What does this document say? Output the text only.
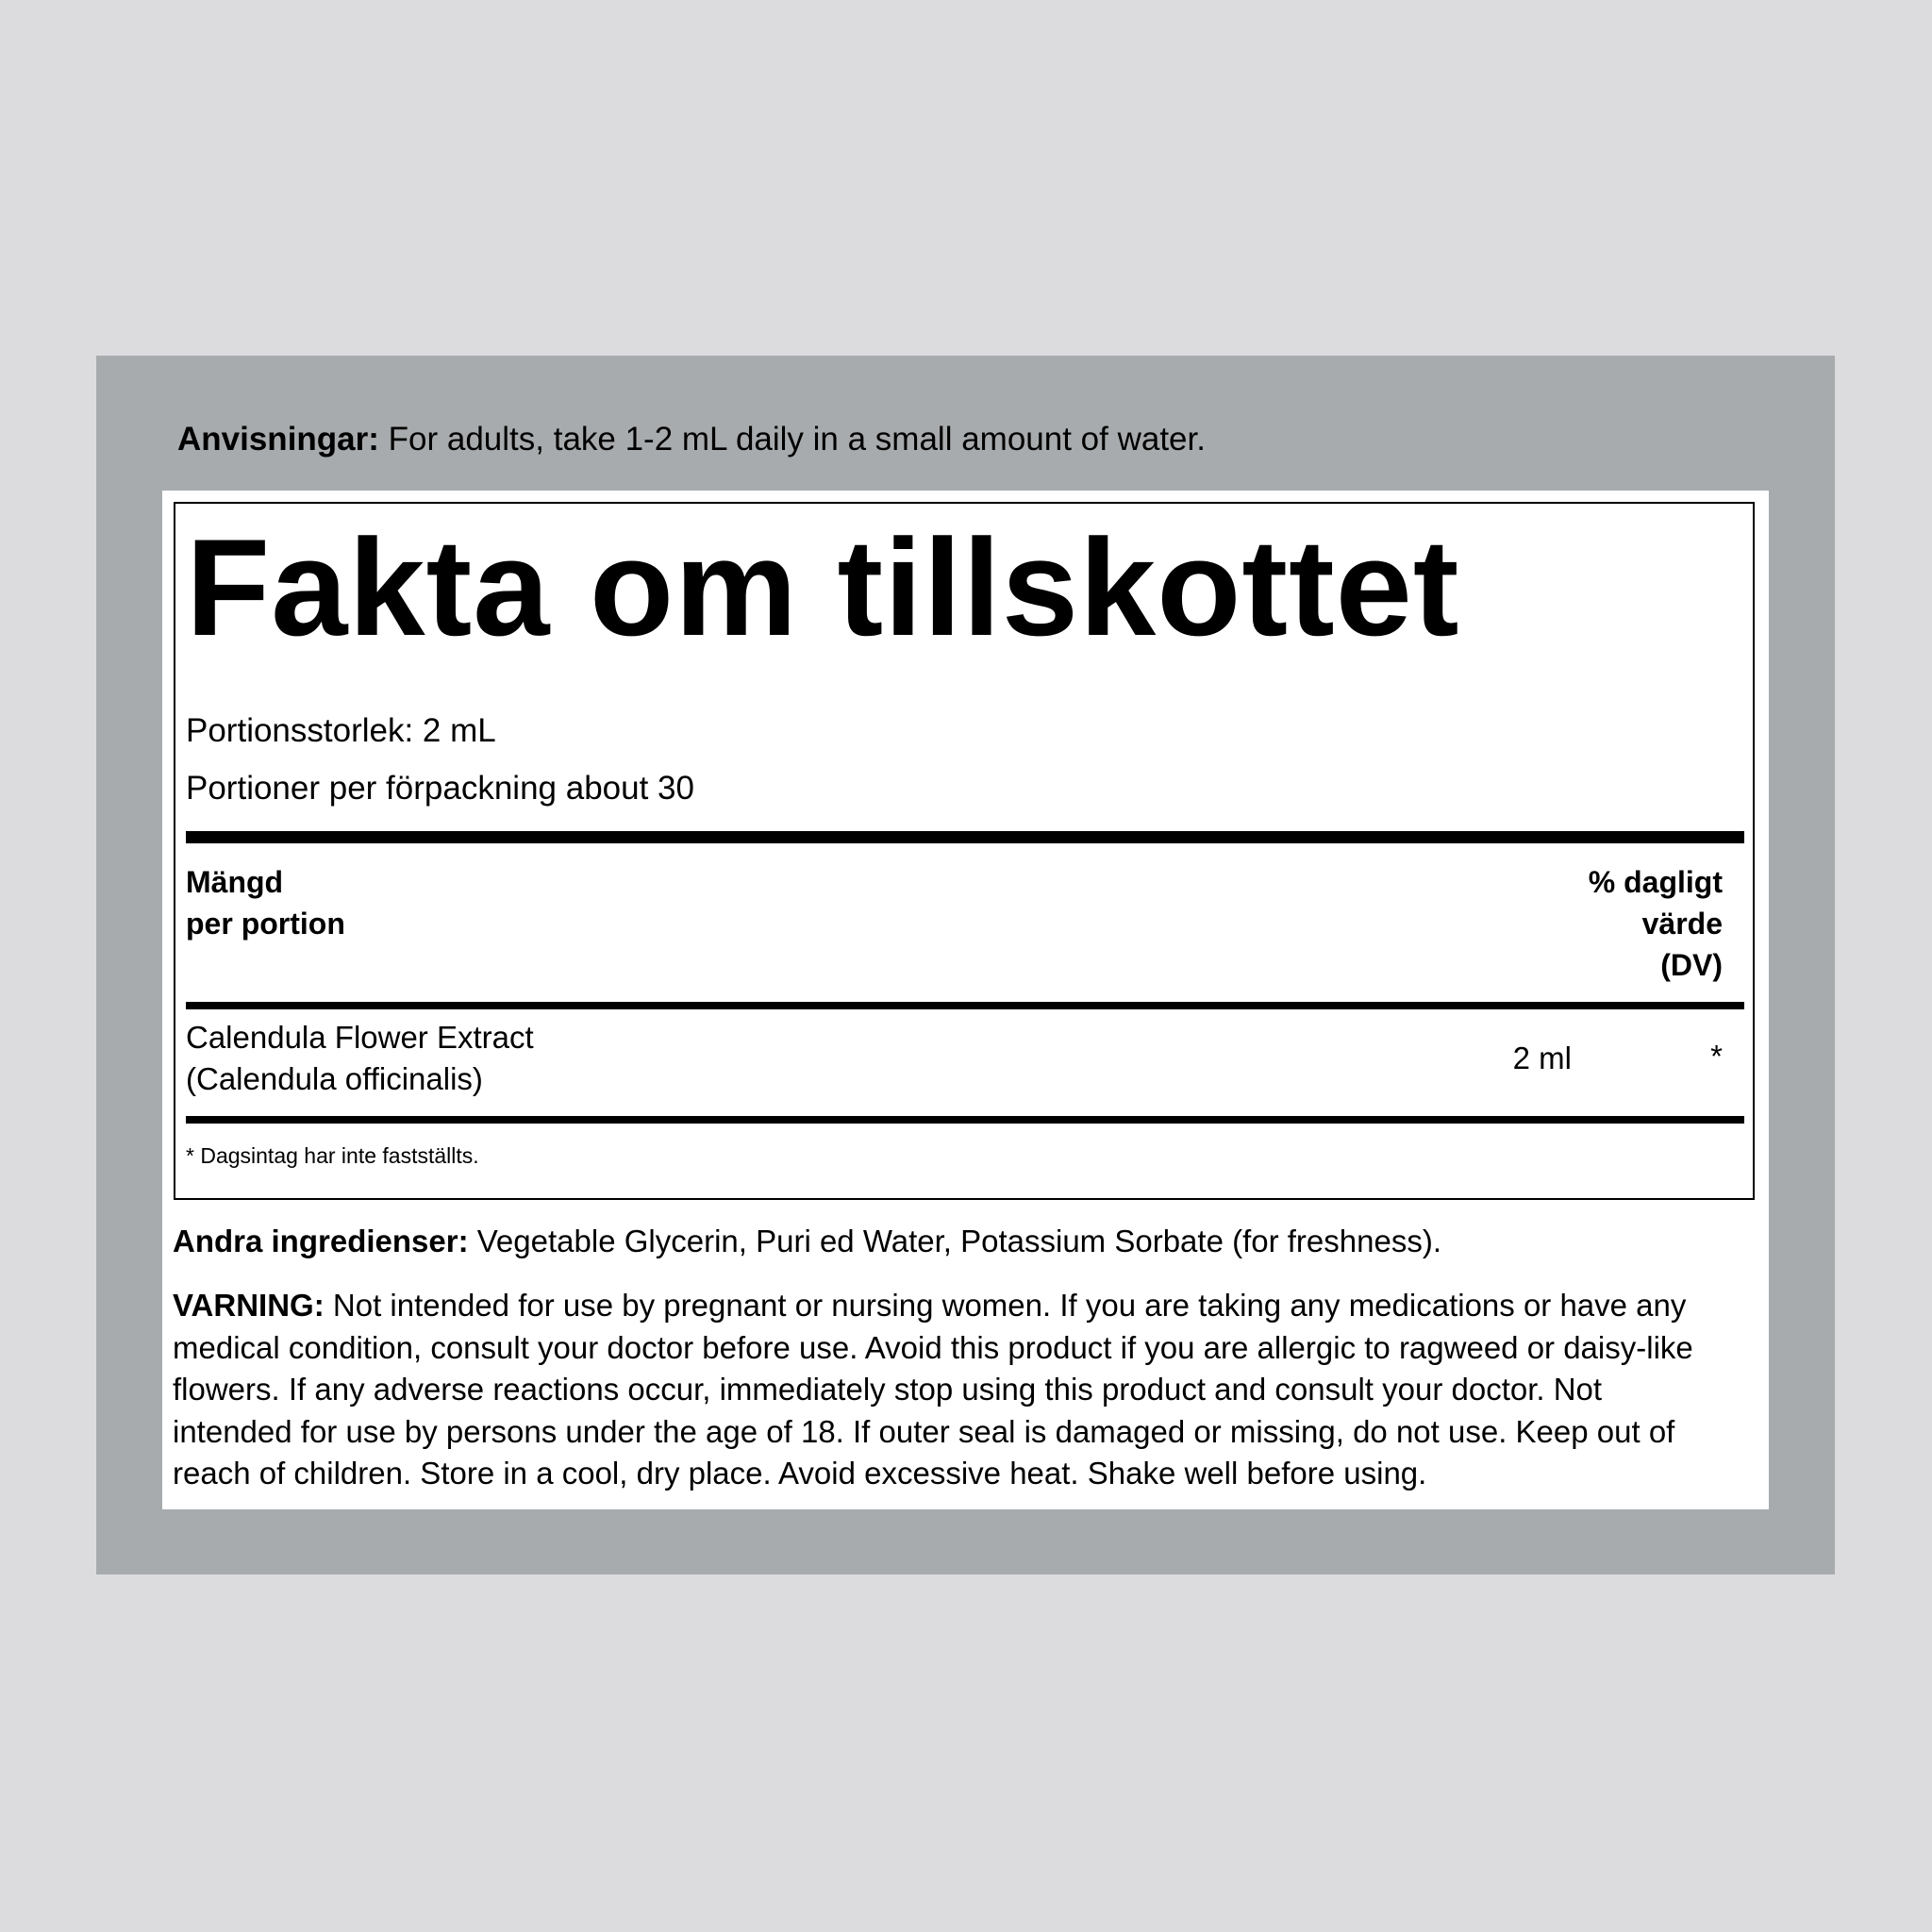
Anvisningar: For adults, take 1-2 mL daily in a small amount of water.
Fakta om tillskottet
Portionsstorlek: 2 mL
Portioner per förpackning about 30
Mängd
per portion
% dagligt
värde
(DV)
Calendula Flower Extract
(Calendula officinalis)
2 ml	*
* Dagsintag har inte fastställts.
Andra ingredienser: Vegetable Glycerin, Puri ed Water, Potassium Sorbate (for freshness).
VARNING: Not intended for use by pregnant or nursing women. If you are taking any medications or have any medical condition, consult your doctor before use. Avoid this product if you are allergic to ragweed or daisy-like flowers. If any adverse reactions occur, immediately stop using this product and consult your doctor. Not intended for use by persons under the age of 18. If outer seal is damaged or missing, do not use. Keep out of reach of children. Store in a cool, dry place. Avoid excessive heat. Shake well before using.
